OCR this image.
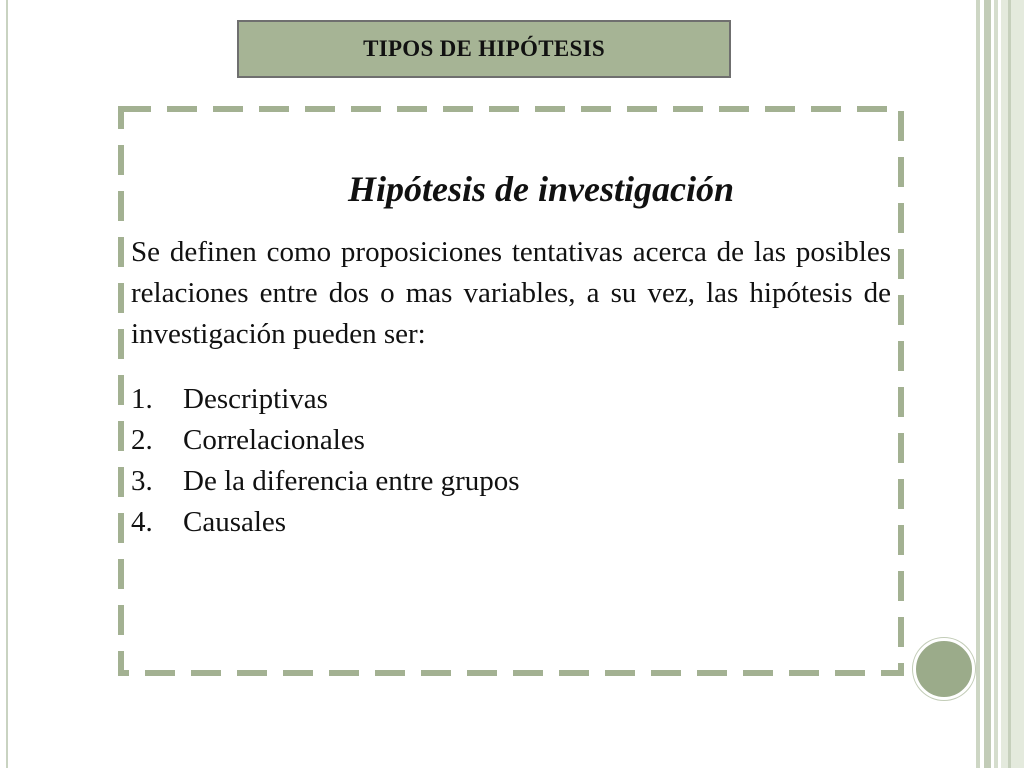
TIPOS DE HIPÓTESIS
Hipótesis de investigación

Se definen como proposiciones tentativas acerca de las posibles relaciones entre dos o mas variables, a su vez, las hipótesis de investigación pueden ser:

1.	Descriptivas
2.	Correlacionales
3.	De la diferencia entre grupos
4.	Causales
